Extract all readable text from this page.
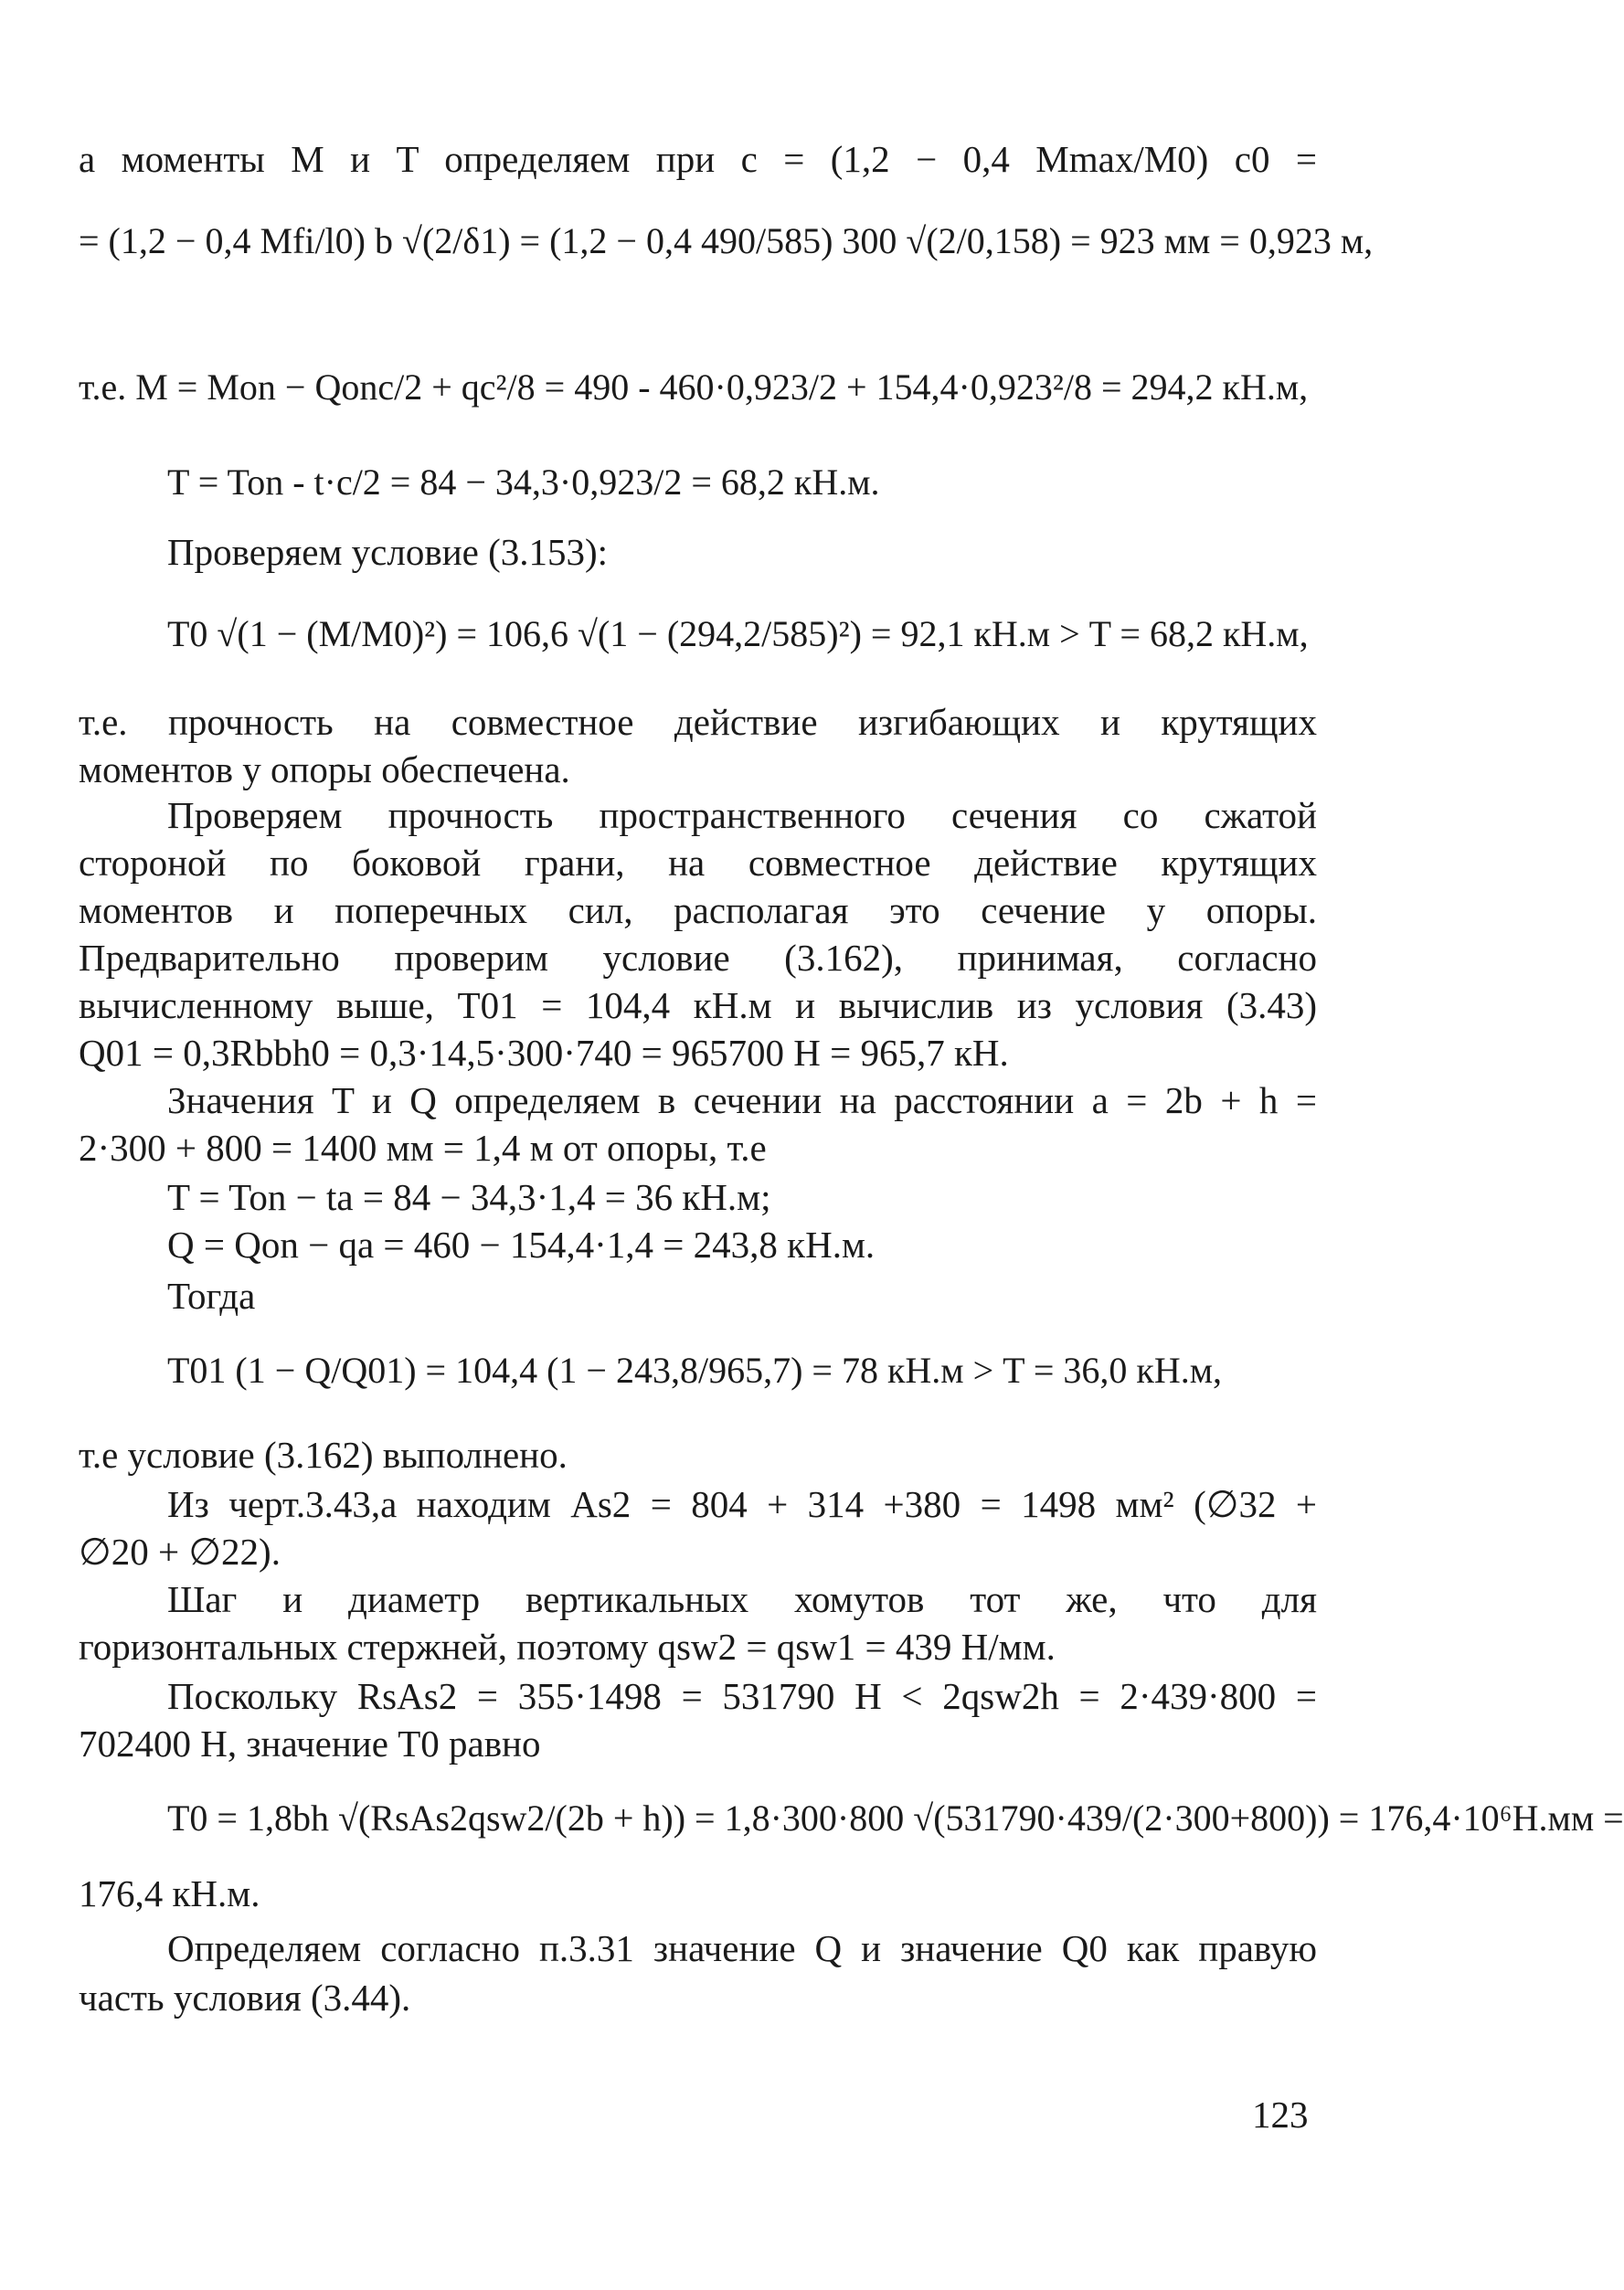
а моменты M и T определяем при c = (1,2 − 0,4 Mmax/M0) c0 =
= (1,2 − 0,4 Mfi/l0) b √(2/δ1) = (1,2 − 0,4 490/585) 300 √(2/0,158) = 923 мм = 0,923 м,
т.е. M = Mon − Qonc/2 + qc²/8 = 490 - 460·0,923/2 + 154,4·0,923²/8 = 294,2 кН.м,
T = Ton - t·c/2 = 84 − 34,3·0,923/2 = 68,2 кН.м.
Проверяем условие (3.153):
T0 √(1 − (M/M0)²) = 106,6 √(1 − (294,2/585)²) = 92,1 кН.м > T = 68,2 кН.м,
т.е. прочность на совместное действие изгибающих и крутящих
моментов у опоры обеспечена.
Проверяем прочность пространственного сечения со сжатой
стороной по боковой грани, на совместное действие крутящих
моментов и поперечных сил, располагая это сечение у опоры.
Предварительно проверим условие (3.162), принимая, согласно
вычисленному выше, T01 = 104,4 кН.м и вычислив из условия (3.43)
Q01 = 0,3Rbbh0 = 0,3·14,5·300·740 = 965700 Н = 965,7 кН.
Значения T и Q определяем в сечении на расстоянии a = 2b + h =
2·300 + 800 = 1400 мм = 1,4 м от опоры, т.е
T = Ton − ta = 84 − 34,3·1,4 = 36 кН.м;
Q = Qon − qa = 460 − 154,4·1,4 = 243,8 кН.м.
Тогда
T01 (1 − Q/Q01) = 104,4 (1 − 243,8/965,7) = 78 кН.м > T = 36,0 кН.м,
т.е условие (3.162) выполнено.
Из черт.3.43,а находим As2 = 804 + 314 +380 = 1498 мм² (∅32 +
∅20 + ∅22).
Шаг и диаметр вертикальных хомутов тот же, что для
горизонтальных стержней, поэтому qsw2 = qsw1 = 439 Н/мм.
Поскольку RsAs2 = 355·1498 = 531790 Н < 2qsw2h = 2·439·800 =
702400 Н, значение T0 равно
T0 = 1,8bh √(RsAs2qsw2/(2b + h)) = 1,8·300·800 √(531790·439/(2·300+800)) = 176,4·10⁶Н.мм =
176,4 кН.м.
Определяем согласно п.3.31 значение Q и значение Q0 как правую
часть условия (3.44).
123
